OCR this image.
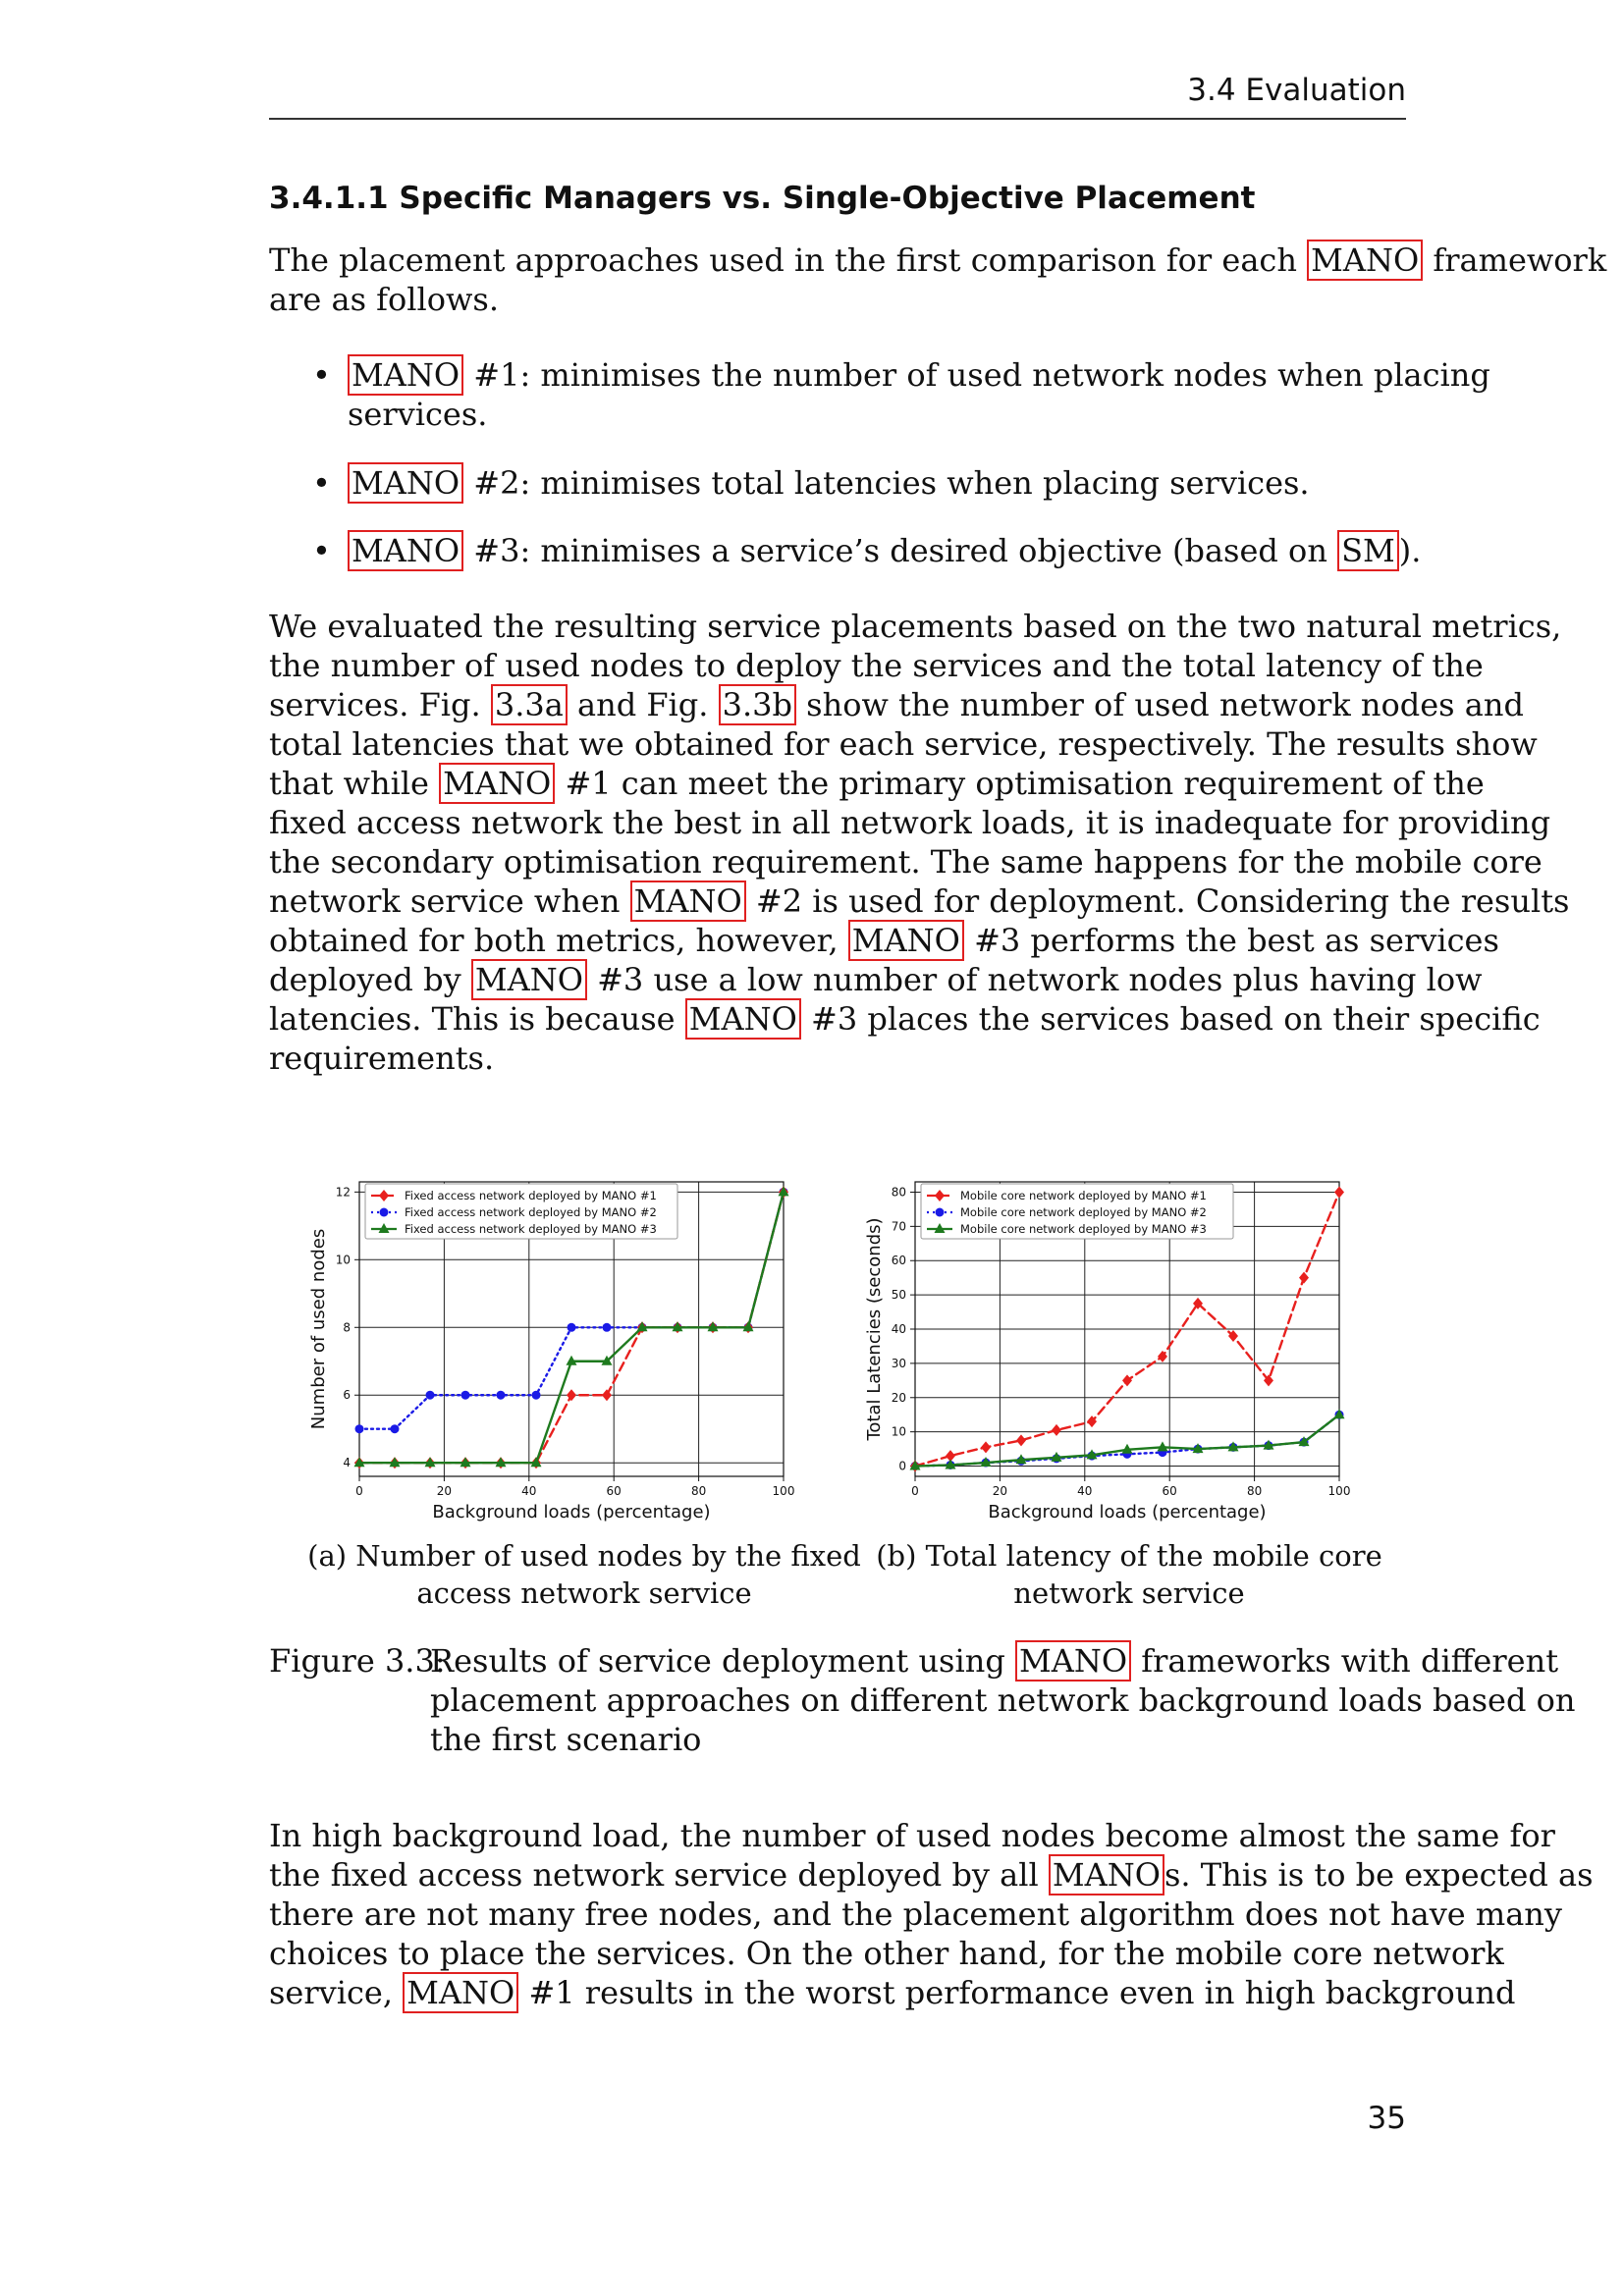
3.4 Evaluation
3.4.1.1 Specific Managers vs. Single-Objective Placement
The placement approaches used in the first comparison for each MANO framework
are as follows.
• MANO #1: minimises the number of used network nodes when placing
services.
• MANO #2: minimises total latencies when placing services.
• MANO #3: minimises a service’s desired objective (based on SM ).
We evaluated the resulting service placements based on the two natural metrics,
the number of used nodes to deploy the services and the total latency of the
services. Fig. 3.3a and Fig. 3.3b show the number of used network nodes and
total latencies that we obtained for each service, respectively. The results show
that while MANO #1 can meet the primary optimisation requirement of the
fixed access network the best in all network loads, it is inadequate for providing
the secondary optimisation requirement. The same happens for the mobile core
network service when MANO #2 is used for deployment. Considering the results
obtained for both metrics, however, MANO #3 performs the best as services
deployed by MANO #3 use a low number of network nodes plus having low
latencies. This is because MANO #3 places the services based on their specific
requirements.
0	20	40	60	80	100
4
6
8
10
12
Background loads (percentage)
Number of used nodes
Fixed access network deployed by MANO #1
Fixed access network deployed by MANO #2
Fixed access network deployed by MANO #3
0	20	40	60	80	100
0
10
20
30
40
50
60
70
80
Background loads (percentage)
Total Latencies (seconds)
Mobile core network deployed by MANO #1
Mobile core network deployed by MANO #2
Mobile core network deployed by MANO #3
(a) Number of used nodes by the fixed
access network service
(b) Total latency of the mobile core
network service
Figure 3.3:
Results of service deployment using MANO frameworks with different
placement approaches on different network background loads based on
the first scenario
In high background load, the number of used nodes become almost the same for
the fixed access network service deployed by all MANO s. This is to be expected as
there are not many free nodes, and the placement algorithm does not have many
choices to place the services. On the other hand, for the mobile core network
service, MANO #1 results in the worst performance even in high background
35
